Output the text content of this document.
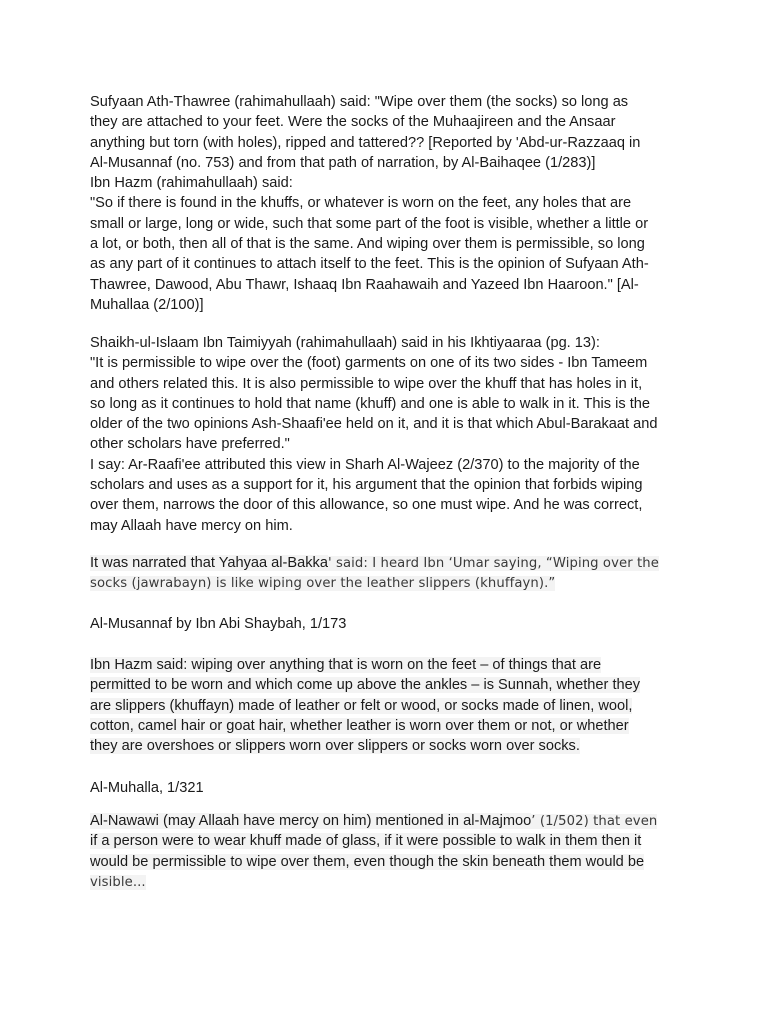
Sufyaan Ath-Thawree (rahimahullaah) said: "Wipe over them (the socks) so long as
they are attached to your feet. Were the socks of the Muhaajireen and the Ansaar
anything but torn (with holes), ripped and tattered?? [Reported by 'Abd-ur-Razzaaq in
Al-Musannaf (no. 753) and from that path of narration, by Al-Baihaqee (1/283)]
Ibn Hazm (rahimahullaah) said:
"So if there is found in the khuffs, or whatever is worn on the feet, any holes that are
small or large, long or wide, such that some part of the foot is visible, whether a little or
a lot, or both, then all of that is the same. And wiping over them is permissible, so long
as any part of it continues to attach itself to the feet. This is the opinion of Sufyaan Ath-
Thawree, Dawood, Abu Thawr, Ishaaq Ibn Raahawaih and Yazeed Ibn Haaroon." [Al-
Muhallaa (2/100)]
Shaikh-ul-Islaam Ibn Taimiyyah (rahimahullaah) said in his Ikhtiyaaraa (pg. 13):
"It is permissible to wipe over the (foot) garments on one of its two sides - Ibn Tameem
and others related this. It is also permissible to wipe over the khuff that has holes in it,
so long as it continues to hold that name (khuff) and one is able to walk in it. This is the
older of the two opinions Ash-Shaafi'ee held on it, and it is that which Abul-Barakaat and
other scholars have preferred."
I say: Ar-Raafi'ee attributed this view in Sharh Al-Wajeez (2/370) to the majority of the
scholars and uses as a support for it, his argument that the opinion that forbids wiping
over them, narrows the door of this allowance, so one must wipe. And he was correct,
may Allaah have mercy on him.
It was narrated that Yahyaa al-Bakka' said: I heard Ibn ‘Umar saying, “Wiping over the
socks (jawrabayn) is like wiping over the leather slippers (khuffayn).”
Al-Musannaf by Ibn Abi Shaybah, 1/173
Ibn Hazm said: wiping over anything that is worn on the feet – of things that are
permitted to be worn and which come up above the ankles – is Sunnah, whether they
are slippers (khuffayn) made of leather or felt or wood, or socks made of linen, wool,
cotton, camel hair or goat hair, whether leather is worn over them or not, or whether
they are overshoes or slippers worn over slippers or socks worn over socks.
Al-Muhalla, 1/321
Al-Nawawi (may Allaah have mercy on him) mentioned in al-Majmoo’ (1/502) that even
if a person were to wear khuff made of glass, if it were possible to walk in them then it
would be permissible to wipe over them, even though the skin beneath them would be
visible...
